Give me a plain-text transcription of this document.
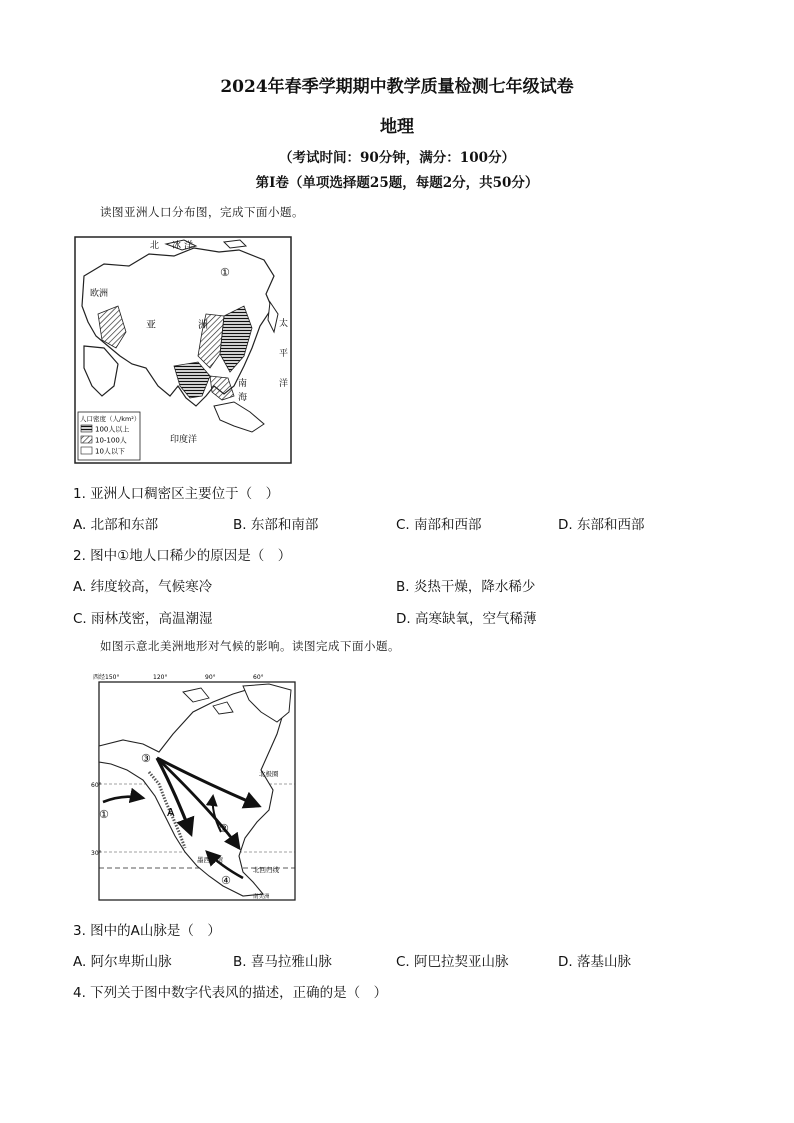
2024年春季学期期中教学质量检测七年级试卷
地理
（考试时间：90分钟，满分：100分）
第Ⅰ卷（单项选择题25题，每题2分，共50分）
读图亚洲人口分布图，完成下面小题。
北 冰 洋
欧洲
亚	洲	太
平
洋
南
海
印度洋
①
人口密度（人/km²）
100人以上
10-100人
10人以下
1. 亚洲人口稠密区主要位于（　）
A. 北部和东部	B. 东部和南部	C. 南部和西部	D. 东部和西部
2. 图中①地人口稀少的原因是（　）
A. 纬度较高，气候寒冷	B. 炎热干燥，降水稀少
C. 雨林茂密，高温潮湿	D. 高寒缺氧，空气稀薄
如图示意北美洲地形对气候的影响。读图完成下面小题。
西经150°	120°	90°	60°
60°
30°
北极圈
北回归线
墨西哥湾
南美洲
A
①
②
③
④
3. 图中的A山脉是（　）
A. 阿尔卑斯山脉	B. 喜马拉雅山脉	C. 阿巴拉契亚山脉	D. 落基山脉
4. 下列关于图中数字代表风的描述，正确的是（　）
